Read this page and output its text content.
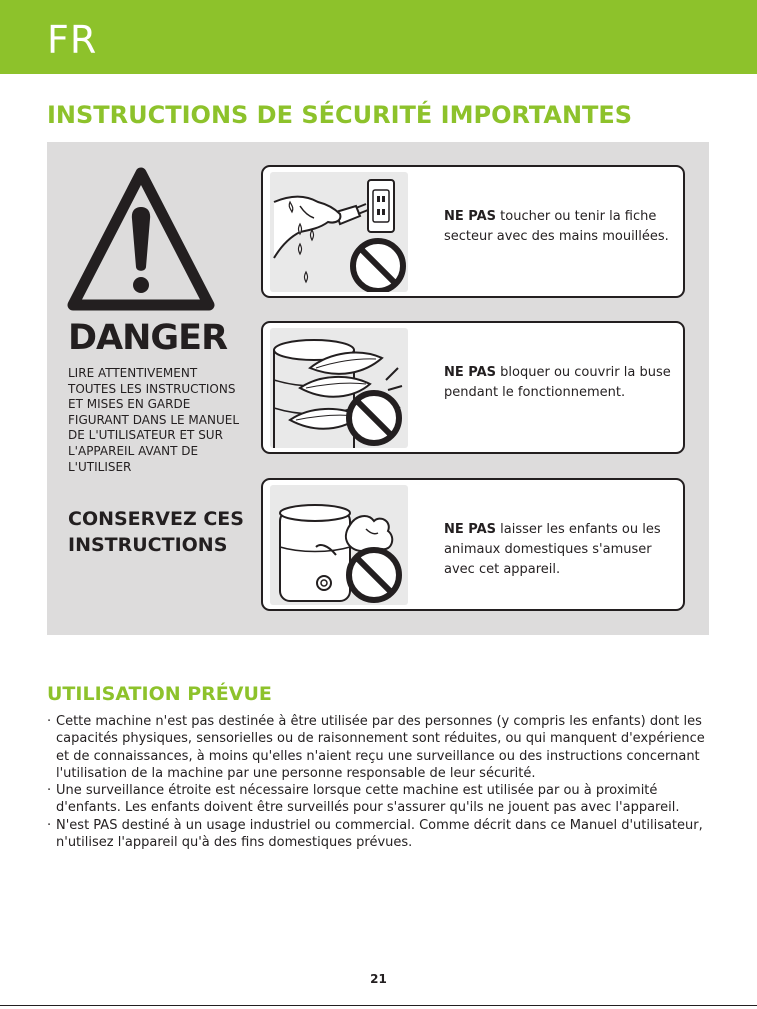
FR
INSTRUCTIONS DE SÉCURITÉ IMPORTANTES
DANGER
LIRE ATTENTIVEMENT TOUTES LES INSTRUCTIONS ET MISES EN GARDE FIGURANT DANS LE MANUEL DE L'UTILISATEUR ET SUR L'APPAREIL AVANT DE L'UTILISER
CONSERVEZ CES INSTRUCTIONS
NE PAS toucher ou tenir la fiche secteur avec des mains mouillées.
NE PAS bloquer ou couvrir la buse pendant le fonctionnement.
NE PAS laisser les enfants ou les animaux domestiques s'amuser avec cet appareil.
UTILISATION PRÉVUE
· Cette machine n'est pas destinée à être utilisée par des personnes (y compris les enfants) dont les capacités physiques, sensorielles ou de raisonnement sont réduites, ou qui manquent d'expérience et de connaissances, à moins qu'elles n'aient reçu une surveillance ou des instructions concernant l'utilisation de la machine par une personne responsable de leur sécurité.
· Une surveillance étroite est nécessaire lorsque cette machine est utilisée par ou à proximité d'enfants. Les enfants doivent être surveillés pour s'assurer qu'ils ne jouent pas avec l'appareil.
· N'est PAS destiné à un usage industriel ou commercial. Comme décrit dans ce Manuel d'utilisateur, n'utilisez l'appareil qu'à des fins domestiques prévues.
21
